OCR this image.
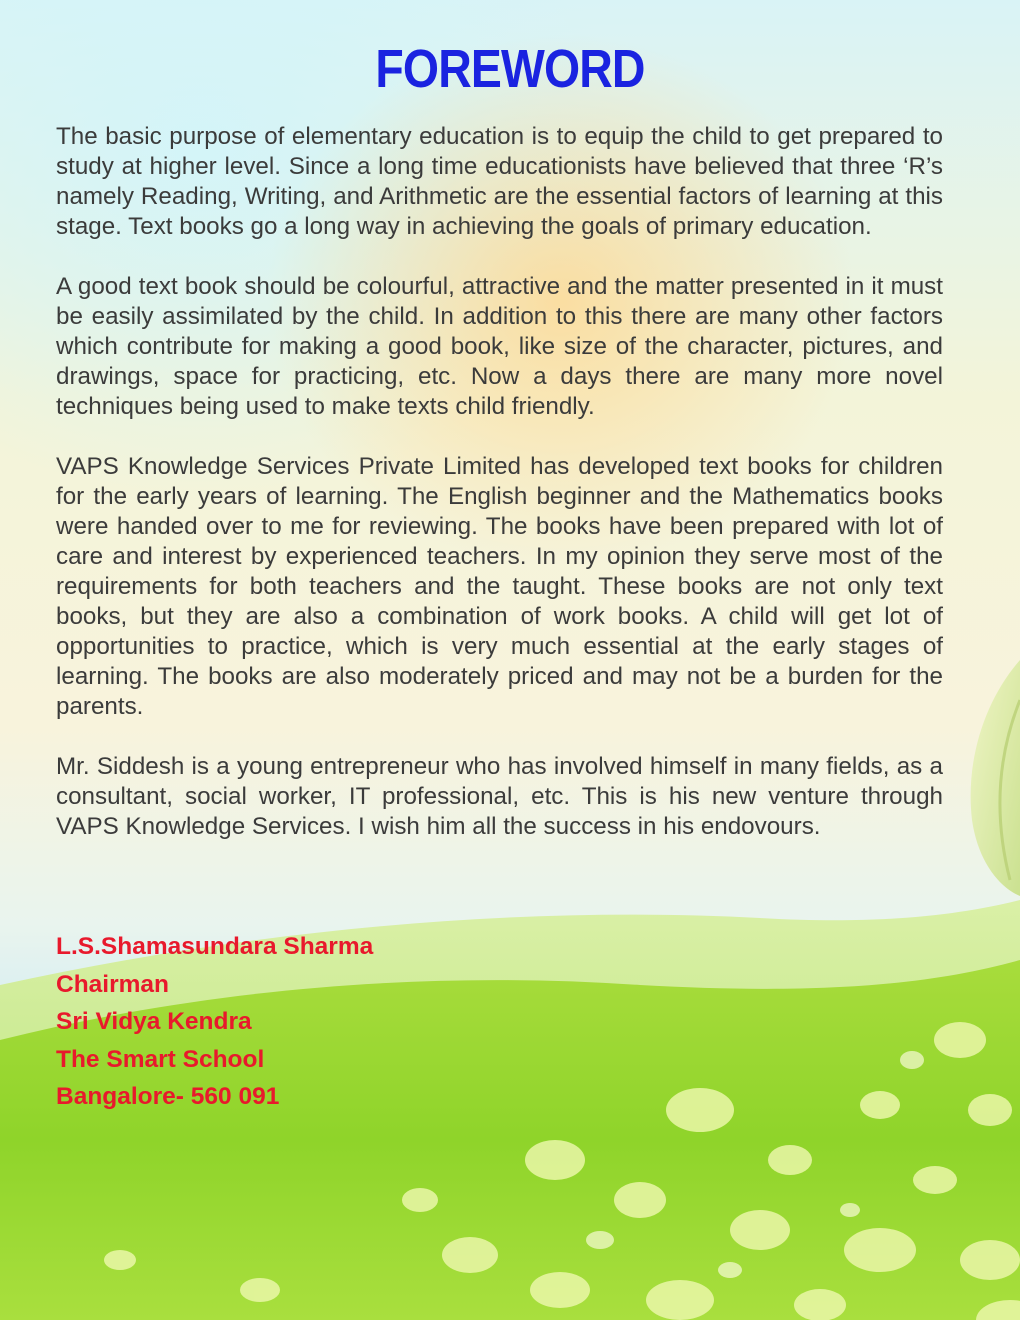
FOREWORD

The basic purpose of elementary education is to equip the child to get prepared to study at higher level. Since a long time educationists have believed that three ‘R’s namely Reading, Writing, and Arithmetic are the essential factors of learning at this stage. Text books go a long way in achieving the goals of primary education.

A good text book should be colourful, attractive and the matter presented in it must be easily assimilated by the child. In addition to this there are many other factors which contribute for making a good book, like size of the character, pictures, and drawings, space for practicing, etc. Now a days there are many more novel techniques being used to make texts child friendly.

VAPS Knowledge Services Private Limited has developed text books for children for the early years of learning. The English beginner and the Mathematics books were handed over to me for reviewing. The books have been prepared with lot of care and interest by experienced teachers. In my opinion they serve most of the requirements for both teachers and the taught. These books are not only text books, but they are also a combination of work books. A child will get lot of opportunities to practice, which is very much essential at the early stages of learning. The books are also moderately priced and may not be a burden for the parents.

Mr. Siddesh is a young entrepreneur who has involved himself in many fields, as a consultant, social worker, IT professional, etc. This is his new venture through VAPS Knowledge Services. I wish him all the success in his endovours.

L.S.Shamasundara Sharma
Chairman
Sri Vidya Kendra
The Smart School
Bangalore- 560 091
